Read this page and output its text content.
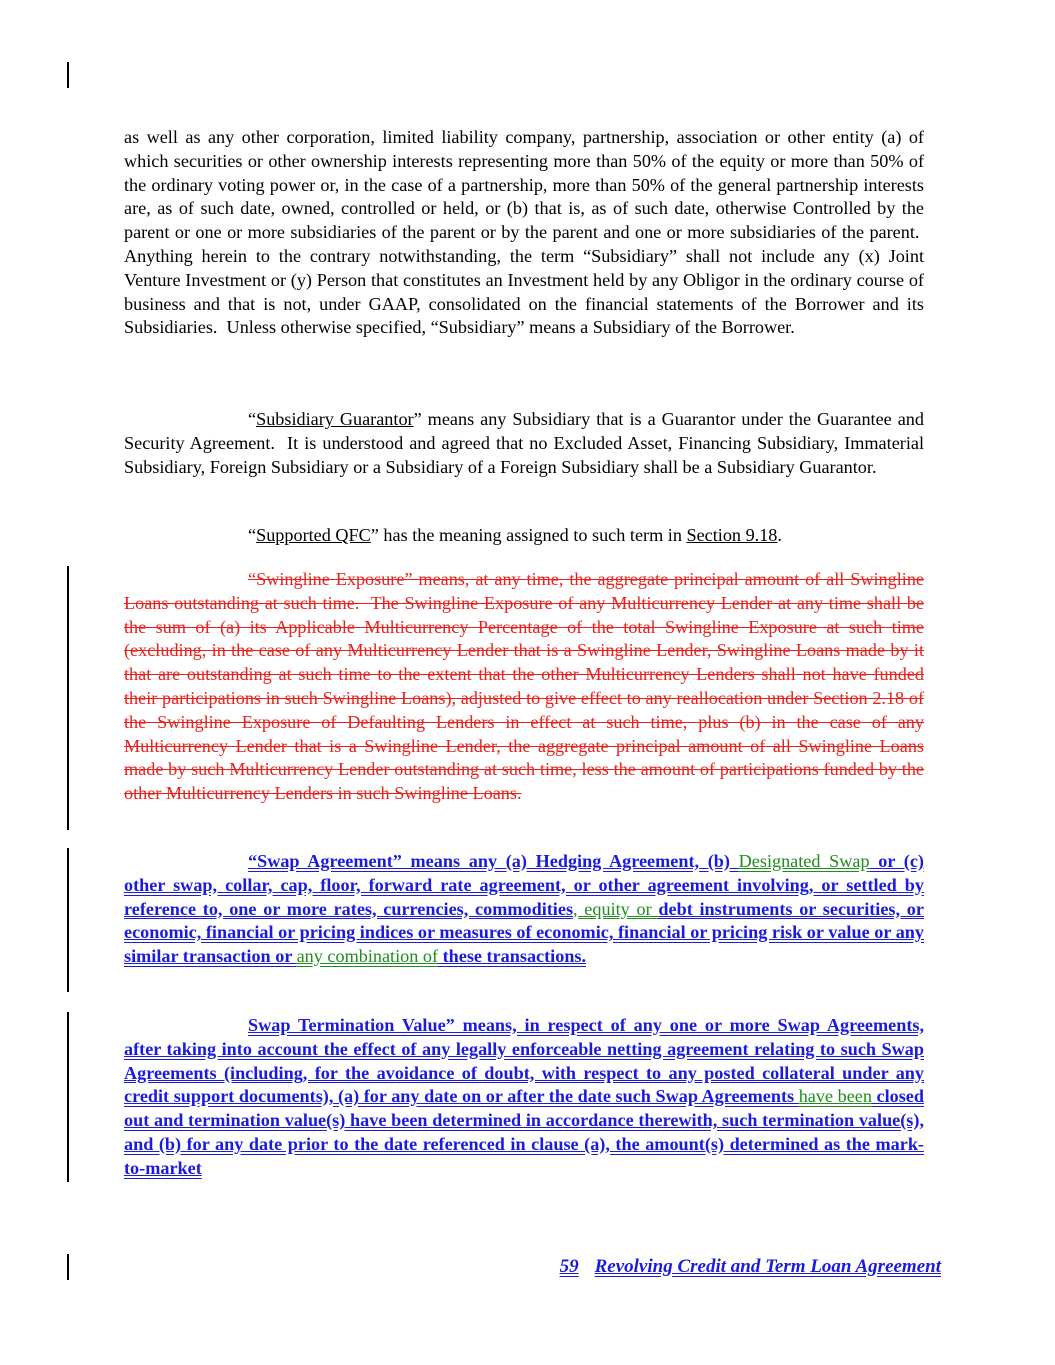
as well as any other corporation, limited liability company, partnership, association or other entity (a) of which securities or other ownership interests representing more than 50% of the equity or more than 50% of the ordinary voting power or, in the case of a partnership, more than 50% of the general partnership interests are, as of such date, owned, controlled or held, or (b) that is, as of such date, otherwise Controlled by the parent or one or more subsidiaries of the parent or by the parent and one or more subsidiaries of the parent.  Anything herein to the contrary notwithstanding, the term “Subsidiary” shall not include any (x) Joint Venture Investment or (y) Person that constitutes an Investment held by any Obligor in the ordinary course of business and that is not, under GAAP, consolidated on the financial statements of the Borrower and its Subsidiaries.  Unless otherwise specified, “Subsidiary” means a Subsidiary of the Borrower.

“Subsidiary Guarantor” means any Subsidiary that is a Guarantor under the Guarantee and Security Agreement.  It is understood and agreed that no Excluded Asset, Financing Subsidiary, Immaterial Subsidiary, Foreign Subsidiary or a Subsidiary of a Foreign Subsidiary shall be a Subsidiary Guarantor.

“Supported QFC” has the meaning assigned to such term in Section 9.18.

“Swingline Exposure” means, at any time, the aggregate principal amount of all Swingline Loans outstanding at such time.  The Swingline Exposure of any Multicurrency Lender at any time shall be the sum of (a) its Applicable Multicurrency Percentage of the total Swingline Exposure at such time (excluding, in the case of any Multicurrency Lender that is a Swingline Lender, Swingline Loans made by it that are outstanding at such time to the extent that the other Multicurrency Lenders shall not have funded their participations in such Swingline Loans), adjusted to give effect to any reallocation under Section 2.18 of the Swingline Exposure of Defaulting Lenders in effect at such time, plus (b) in the case of any Multicurrency Lender that is a Swingline Lender, the aggregate principal amount of all Swingline Loans made by such Multicurrency Lender outstanding at such time, less the amount of participations funded by the other Multicurrency Lenders in such Swingline Loans.

“Swap Agreement” means any (a) Hedging Agreement, (b) Designated Swap or (c) other swap, collar, cap, floor, forward rate agreement, or other agreement involving, or settled by reference to, one or more rates, currencies, commodities, equity or debt instruments or securities, or economic, financial or pricing indices or measures of economic, financial or pricing risk or value or any similar transaction or any combination of these transactions.

Swap Termination Value” means, in respect of any one or more Swap Agreements, after taking into account the effect of any legally enforceable netting agreement relating to such Swap Agreements (including, for the avoidance of doubt, with respect to any posted collateral under any credit support documents), (a) for any date on or after the date such Swap Agreements have been closed out and termination value(s) have been determined in accordance therewith, such termination value(s), and (b) for any date prior to the date referenced in clause (a), the amount(s) determined as the mark-to-market

59 Revolving Credit and Term Loan Agreement
